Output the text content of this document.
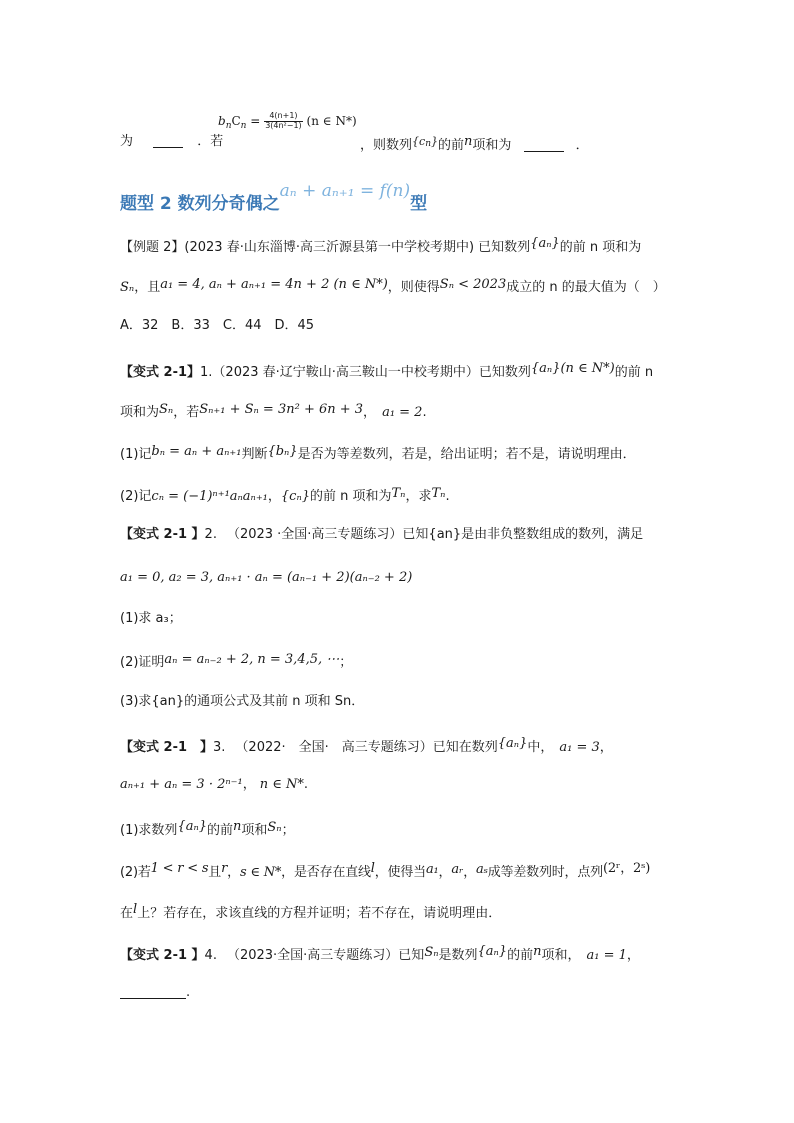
$b_nC_n = \frac{4(n+1)}{\text{3(4n²−1)}} (n$ ∈ N*)
为	．若	，则数列$^{\{c}_n$}的前n项和为	．
题型 2 数列分奇偶之aₙ + aₙ₊₁ = f(n)型
【例题 2】(2023 春·山东淄博·高三沂源县第一中学校考期中) 已知数列{aₙ}的前 n 项和为
Sₙ，且a₁ = 4, aₙ + aₙ₊₁ = 4n + 2 (n ∈ N*)，则使得Sₙ < 2023成立的 n 的最大值为（　）
A．32　B．33　C．44　D．45
【变式 2-1】1.（2023 春·辽宁鞍山·高三鞍山一中校考期中）已知数列{aₙ}(n ∈ N*)的前 n
项和为Sₙ，若Sₙ₊₁ + Sₙ = 3n² + 6n + 3， a₁ = 2.
(1)记bₙ = aₙ + aₙ₊₁判断{bₙ}是否为等差数列，若是，给出证明；若不是，请说明理由．
(2)记cₙ = (−1)ⁿ⁺¹aₙaₙ₊₁，{cₙ}的前 n 项和为Tₙ，求Tₙ.
【变式 2-1 】2. （2023 ·全国·高三专题练习）已知{an}是由非负整数组成的数列，满足
a₁ = 0, a₂ = 3, aₙ₊₁ · aₙ = (aₙ₋₁ + 2)(aₙ₋₂ + 2)
(1)求 a₃；
(2)证明aₙ = aₙ₋₂ + 2, n = 3,4,5, ⋯；
(3)求{an}的通项公式及其前 n 项和 Sn．
【变式 2-1　】3. （2022·　全国·　高三专题练习）已知在数列{aₙ}中， a₁ = 3，
aₙ₊₁ + aₙ = 3 · 2ⁿ⁻¹， n ∈ N*.
(1)求数列{aₙ}的前n项和Sₙ；
(2)若1 < r < s且r，s ∈ N*，是否存在直线l，使得当a₁，aᵣ，aₛ成等差数列时，点列(2ʳ，2ˢ)
在l上？若存在，求该直线的方程并证明；若不存在，请说明理由．
【变式 2-1 】4. （2023·全国·高三专题练习）已知Sₙ是数列{aₙ}的前n项和， a₁ = 1，
.
